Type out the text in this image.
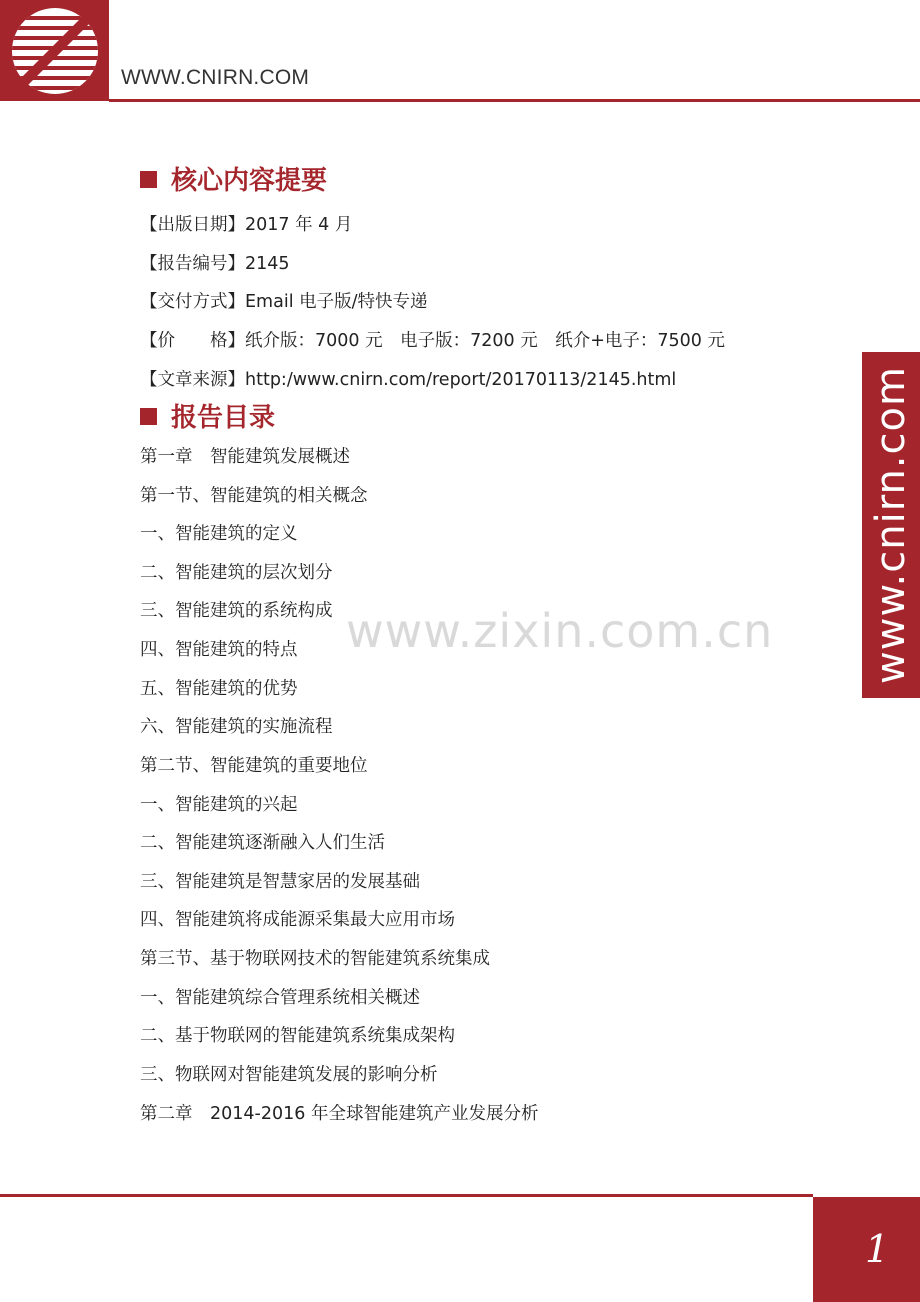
WWW.CNIRN.COM
www.cnirn.com
www.zixin.com.cn
核心内容提要
【出版日期】2017 年 4 月
【报告编号】2145
【交付方式】Email 电子版/特快专递
【价　　格】纸介版：7000 元　电子版：7200 元　纸介+电子：7500 元
【文章来源】http:/www.cnirn.com/report/20170113/2145.html
报告目录
第一章　智能建筑发展概述
第一节、智能建筑的相关概念
一、智能建筑的定义
二、智能建筑的层次划分
三、智能建筑的系统构成
四、智能建筑的特点
五、智能建筑的优势
六、智能建筑的实施流程
第二节、智能建筑的重要地位
一、智能建筑的兴起
二、智能建筑逐渐融入人们生活
三、智能建筑是智慧家居的发展基础
四、智能建筑将成能源采集最大应用市场
第三节、基于物联网技术的智能建筑系统集成
一、智能建筑综合管理系统相关概述
二、基于物联网的智能建筑系统集成架构
三、物联网对智能建筑发展的影响分析
第二章　2014-2016 年全球智能建筑产业发展分析
1
